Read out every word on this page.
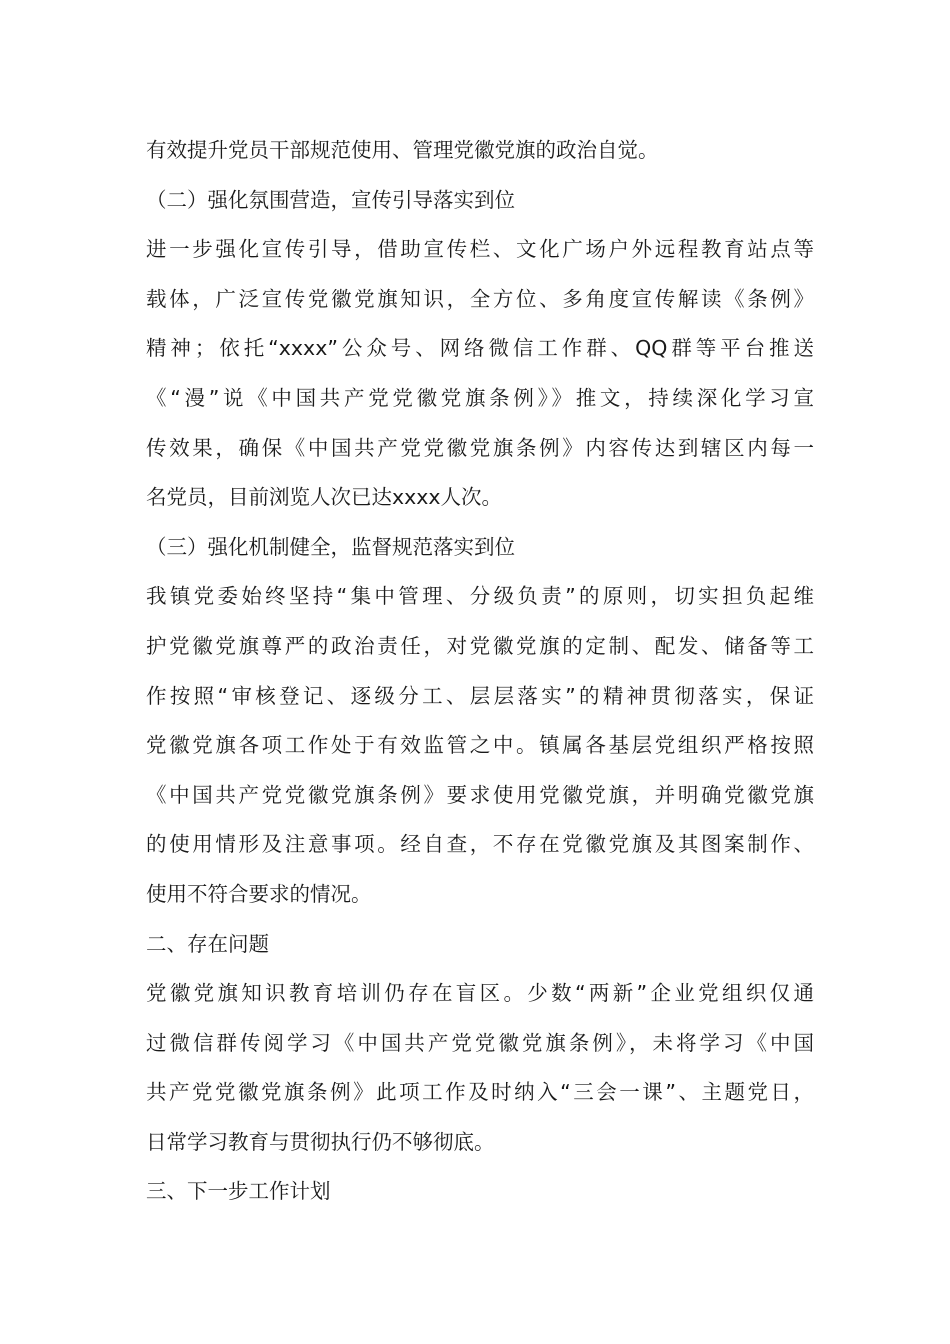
有效提升党员干部规范使用、管理党徽党旗的政治自觉。
（二）强化氛围营造，宣传引导落实到位
进一步强化宣传引导，借助宣传栏、文化广场户外远程教育站点等
载体，广泛宣传党徽党旗知识，全方位、多角度宣传解读《条例》
精神；依托“xxxx”公众号、网络微信工作群、QQ群等平台推送
《“漫”说《中国共产党党徽党旗条例》》推文，持续深化学习宣
传效果，确保《中国共产党党徽党旗条例》内容传达到辖区内每一
名党员，目前浏览人次已达xxxx人次。
（三）强化机制健全，监督规范落实到位
我镇党委始终坚持“集中管理、分级负责”的原则，切实担负起维
护党徽党旗尊严的政治责任，对党徽党旗的定制、配发、储备等工
作按照“审核登记、逐级分工、层层落实”的精神贯彻落实，保证
党徽党旗各项工作处于有效监管之中。镇属各基层党组织严格按照
《中国共产党党徽党旗条例》要求使用党徽党旗，并明确党徽党旗
的使用情形及注意事项。经自查，不存在党徽党旗及其图案制作、
使用不符合要求的情况。
二、存在问题
党徽党旗知识教育培训仍存在盲区。少数“两新”企业党组织仅通
过微信群传阅学习《中国共产党党徽党旗条例》，未将学习《中国
共产党党徽党旗条例》此项工作及时纳入“三会一课”、主题党日，
日常学习教育与贯彻执行仍不够彻底。
三、下一步工作计划
